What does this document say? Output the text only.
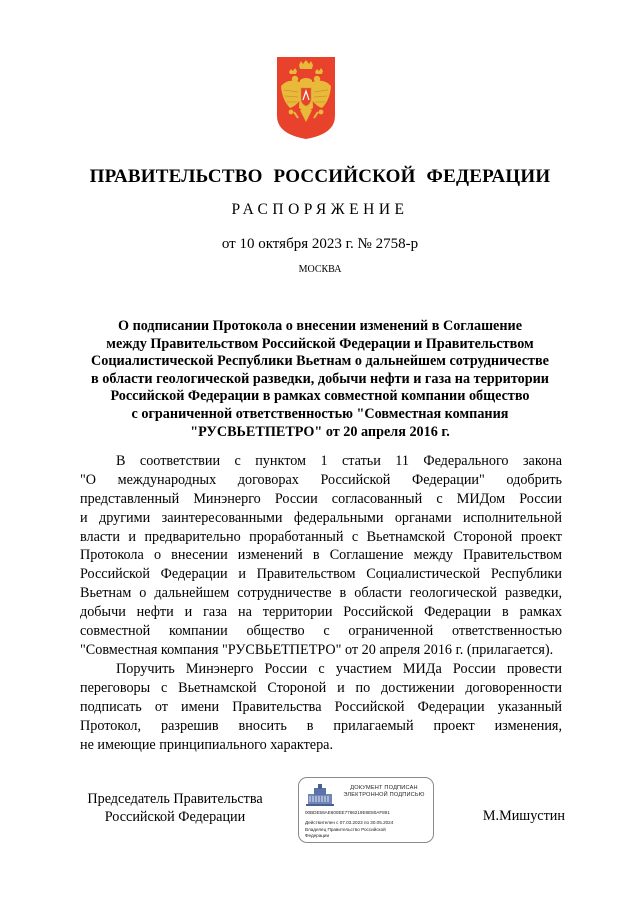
ПРАВИТЕЛЬСТВО РОССИЙСКОЙ ФЕДЕРАЦИИ
РАСПОРЯЖЕНИЕ
от 10 октября 2023 г. № 2758-р
МОСКВА
О подписании Протокола о внесении изменений в Соглашение
между Правительством Российской Федерации и Правительством
Социалистической Республики Вьетнам о дальнейшем сотрудничестве
в области геологической разведки, добычи нефти и газа на территории
Российской Федерации в рамках совместной компании общество
с ограниченной ответственностью "Совместная компания
"РУСВЬЕТПЕТРО" от 20 апреля 2016 г.
В соответствии с пунктом 1 статьи 11 Федерального закона
"О международных договорах Российской Федерации" одобрить
представленный Минэнерго России согласованный с МИДом России
и другими заинтересованными федеральными органами исполнительной
власти и предварительно проработанный с Вьетнамской Стороной проект
Протокола о внесении изменений в Соглашение между Правительством
Российской Федерации и Правительством Социалистической Республики
Вьетнам о дальнейшем сотрудничестве в области геологической разведки,
добычи нефти и газа на территории Российской Федерации в рамках
совместной компании общество с ограниченной ответственностью
"Совместная компания "РУСВЬЕТПЕТРО" от 20 апреля 2016 г. (прилагается).
Поручить Минэнерго России с участием МИДа России провести
переговоры с Вьетнамской Стороной и по достижении договоренности
подписать от имени Правительства Российской Федерации указанный
Протокол, разрешив вносить в прилагаемый проект изменения,
не имеющие принципиального характера.
Председатель Правительства
Российской Федерации
ДОКУМЕНТ ПОДПИСАН
ЭЛЕКТРОННОЙ ПОДПИСЬЮ
00BDE58AE600EE7766219E8E80AF891
Действителен с 07.03.2023 по 30.05.2024
Владелец Правительство Российской
Федерации
М.Мишустин
